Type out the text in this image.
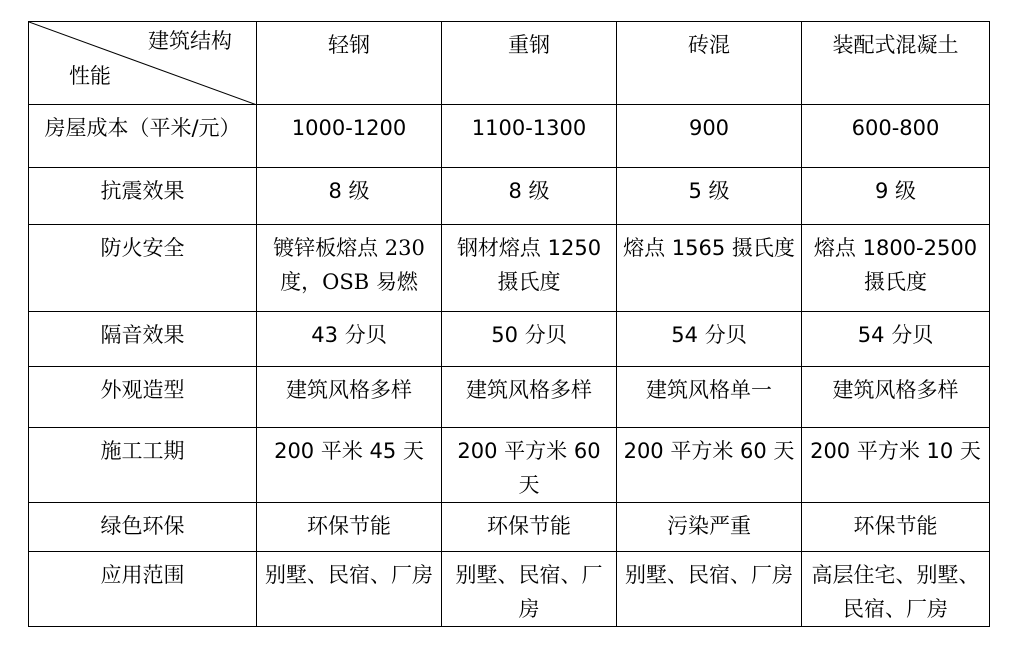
建筑结构
性能	轻钢	重钢	砖混	装配式混凝土
房屋成本（平米/元）	1000-1200	1100-1300	900	600-800
抗震效果	8 级	8 级	5 级	9 级
防火安全	镀锌板熔点 230 度，OSB 易燃	钢材熔点 1250 摄氏度	熔点 1565 摄氏度	熔点 1800-2500 摄氏度
隔音效果	43 分贝	50 分贝	54 分贝	54 分贝
外观造型	建筑风格多样	建筑风格多样	建筑风格单一	建筑风格多样
施工工期	200 平米 45 天	200 平方米 60 天	200 平方米 60 天	200 平方米 10 天
绿色环保	环保节能	环保节能	污染严重	环保节能
应用范围	别墅、民宿、厂房	别墅、民宿、厂房	别墅、民宿、厂房	高层住宅、别墅、民宿、厂房
